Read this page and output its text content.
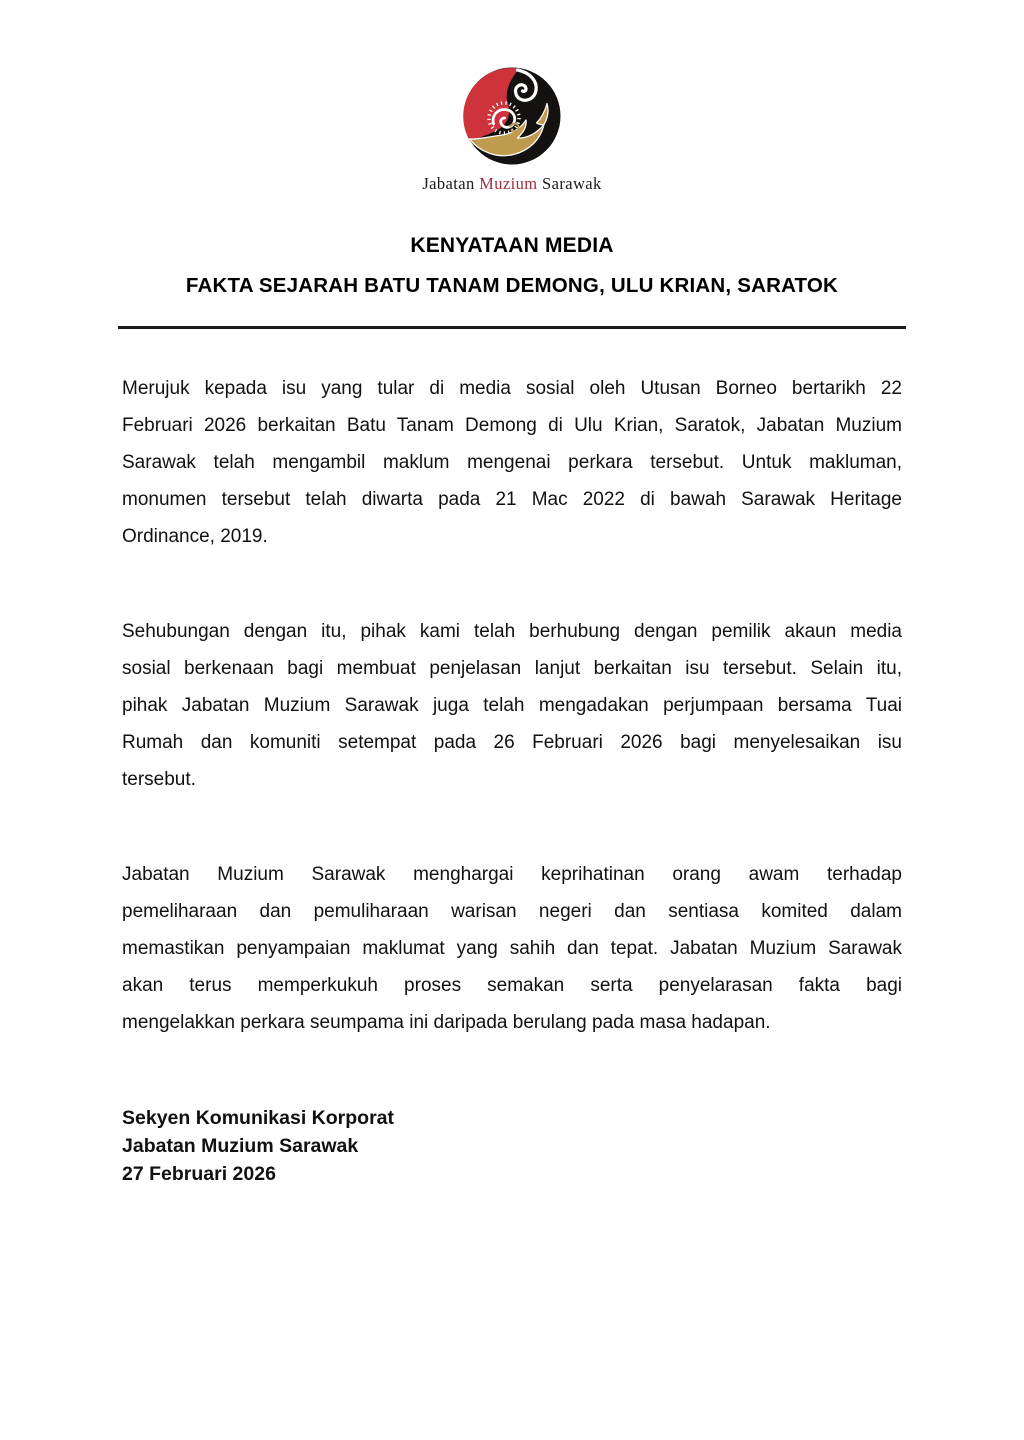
Jabatan Muzium Sarawak
KENYATAAN MEDIA
FAKTA SEJARAH BATU TANAM DEMONG, ULU KRIAN, SARATOK
Merujuk kepada isu yang tular di media sosial oleh Utusan Borneo bertarikh 22
Februari 2026 berkaitan Batu Tanam Demong di Ulu Krian, Saratok, Jabatan Muzium
Sarawak telah mengambil maklum mengenai perkara tersebut. Untuk makluman,
monumen tersebut telah diwarta pada 21 Mac 2022 di bawah Sarawak Heritage
Ordinance, 2019.
Sehubungan dengan itu, pihak kami telah berhubung dengan pemilik akaun media
sosial berkenaan bagi membuat penjelasan lanjut berkaitan isu tersebut. Selain itu,
pihak Jabatan Muzium Sarawak juga telah mengadakan perjumpaan bersama Tuai
Rumah dan komuniti setempat pada 26 Februari 2026 bagi menyelesaikan isu
tersebut.
Jabatan Muzium Sarawak menghargai keprihatinan orang awam terhadap
pemeliharaan dan pemuliharaan warisan negeri dan sentiasa komited dalam
memastikan penyampaian maklumat yang sahih dan tepat. Jabatan Muzium Sarawak
akan terus memperkukuh proses semakan serta penyelarasan fakta bagi
mengelakkan perkara seumpama ini daripada berulang pada masa hadapan.
Sekyen Komunikasi Korporat
Jabatan Muzium Sarawak
27 Februari 2026
